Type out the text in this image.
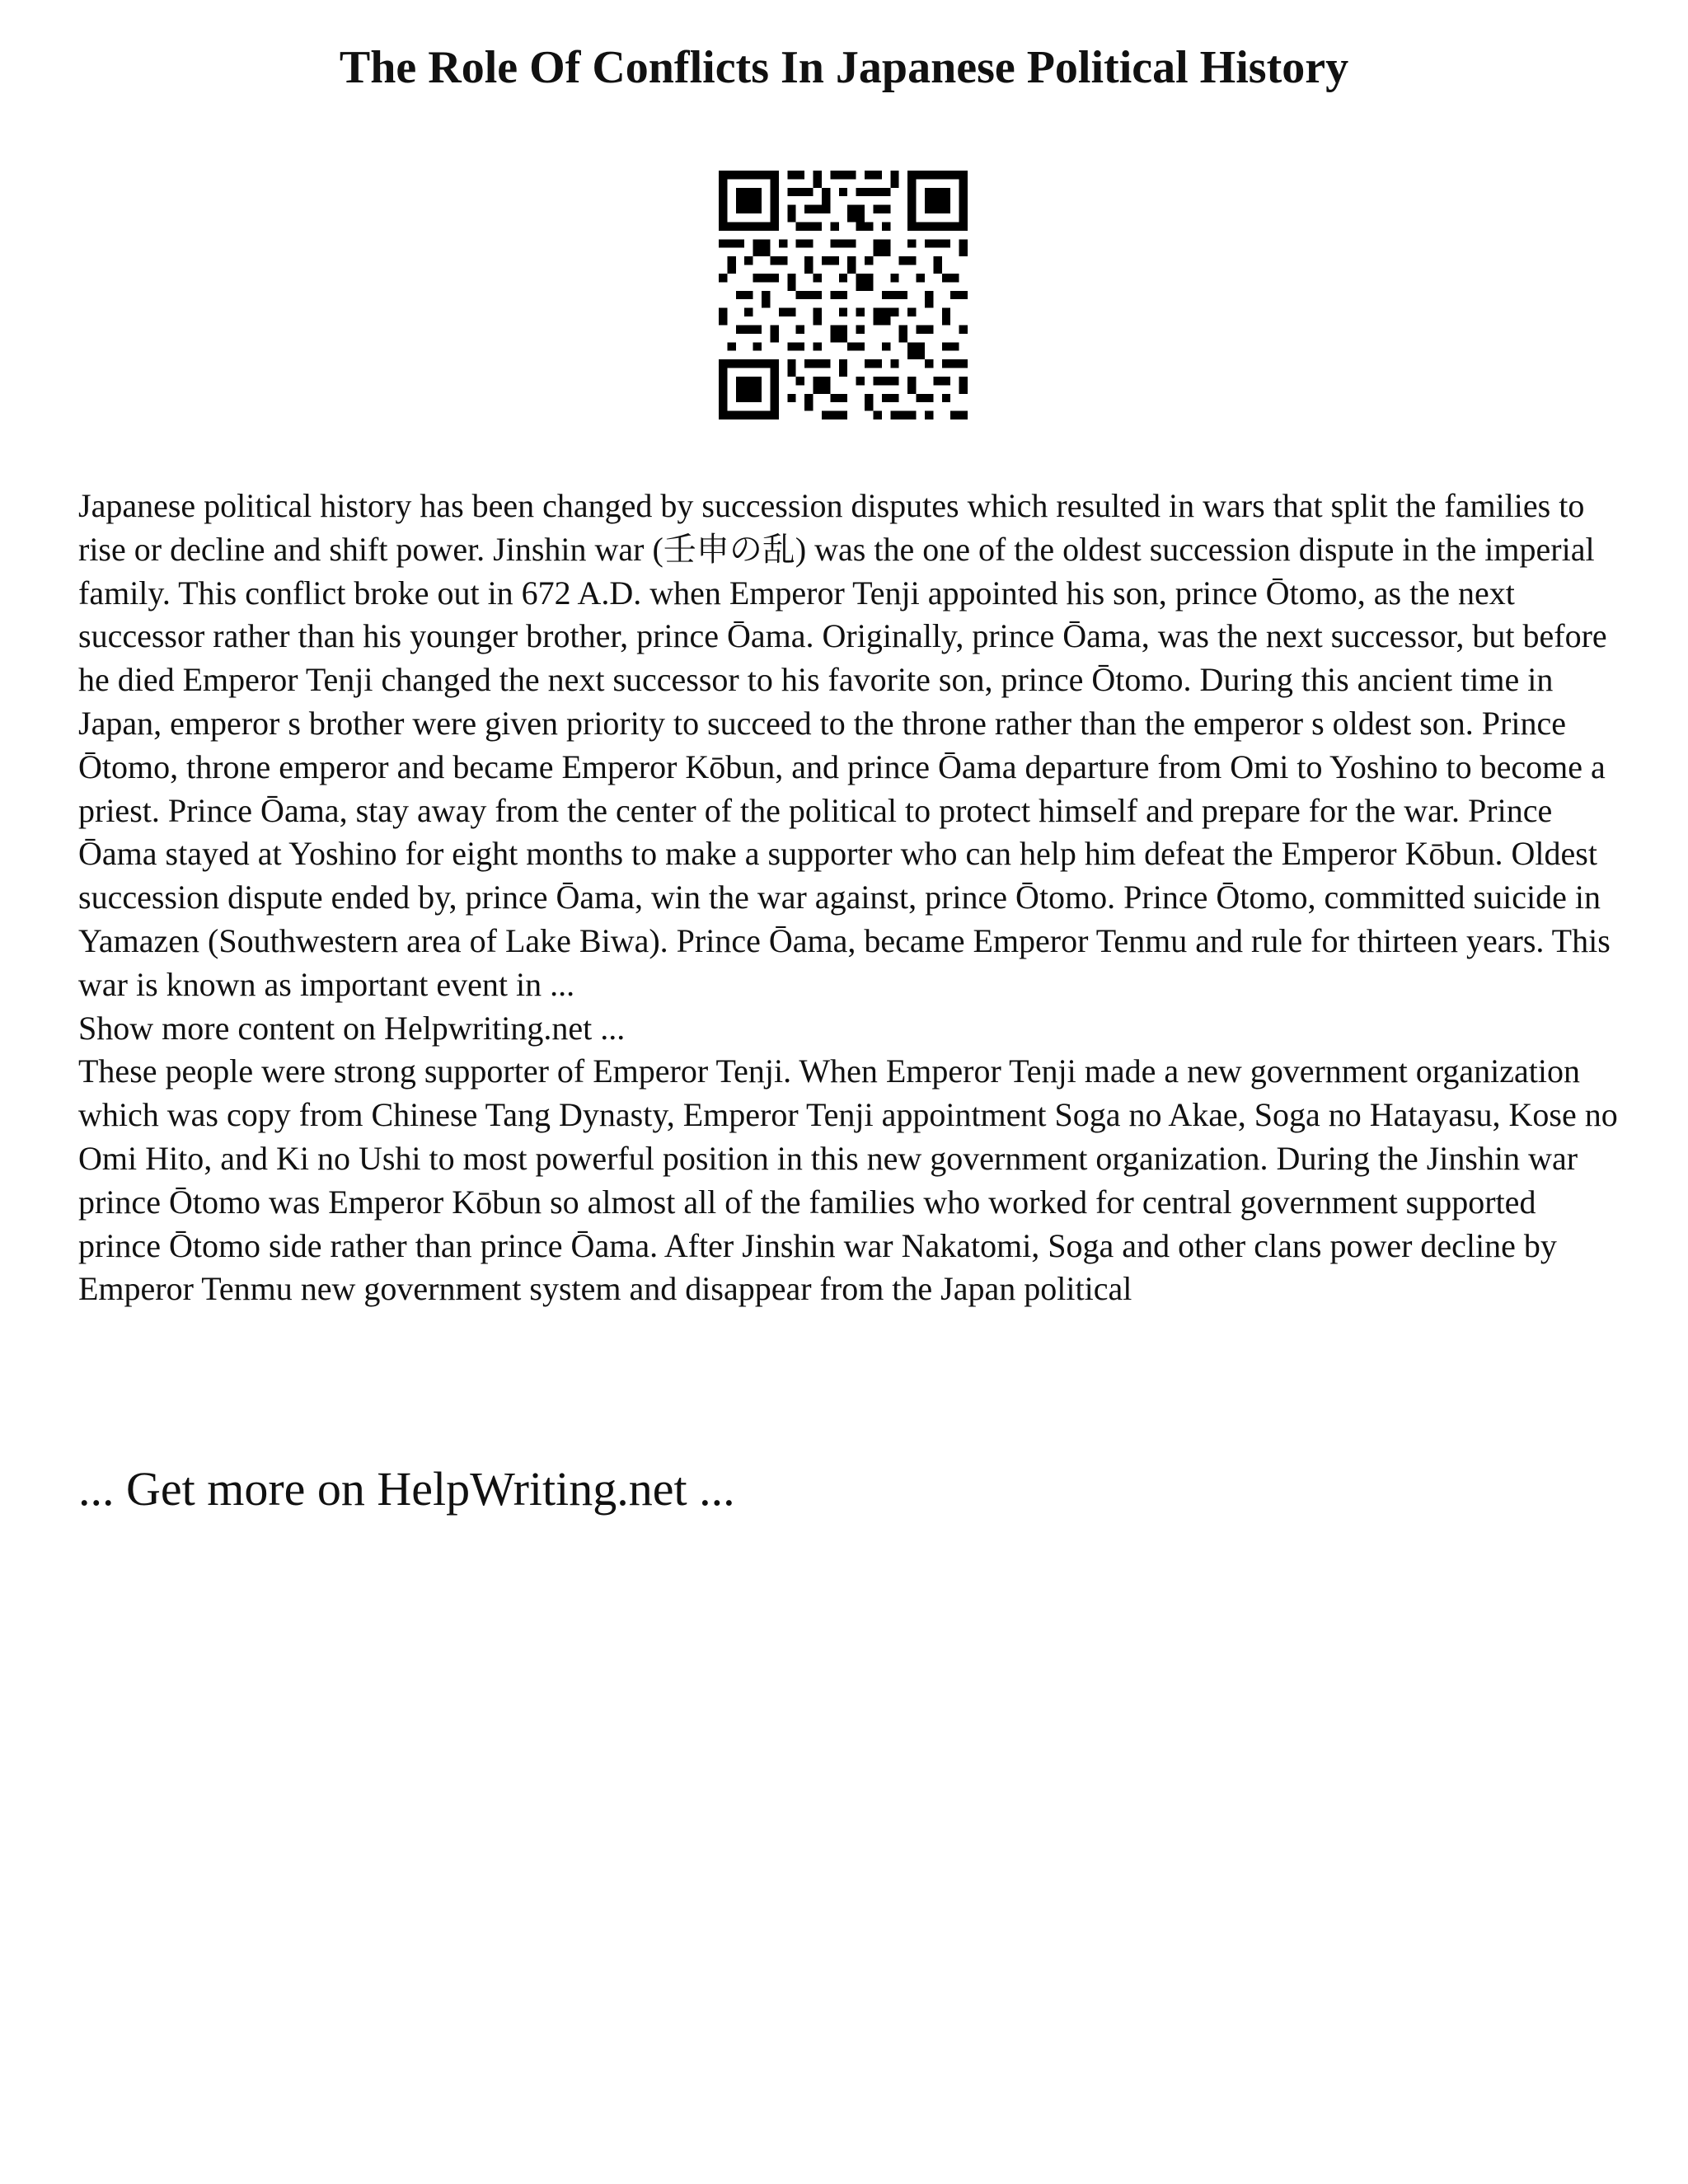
The Role Of Conflicts In Japanese Political History

Japanese political history has been changed by succession disputes which resulted in wars that split the families to rise or decline and shift power. Jinshin war (壬申の乱) was the one of the oldest succession dispute in the imperial family. This conflict broke out in 672 A.D. when Emperor Tenji appointed his son, prince Ōtomo, as the next successor rather than his younger brother, prince Ōama. Originally, prince Ōama, was the next successor, but before he died Emperor Tenji changed the next successor to his favorite son, prince Ōtomo. During this ancient time in Japan, emperor s brother were given priority to succeed to the throne rather than the emperor s oldest son. Prince Ōtomo, throne emperor and became Emperor Kōbun, and prince Ōama departure from Omi to Yoshino to become a priest. Prince Ōama, stay away from the center of the political to protect himself and prepare for the war. Prince Ōama stayed at Yoshino for eight months to make a supporter who can help him defeat the Emperor Kōbun. Oldest succession dispute ended by, prince Ōama, win the war against, prince Ōtomo. Prince Ōtomo, committed suicide in Yamazen (Southwestern area of Lake Biwa). Prince Ōama, became Emperor Tenmu and rule for thirteen years. This war is known as important event in ...

Show more content on Helpwriting.net ...

These people were strong supporter of Emperor Tenji. When Emperor Tenji made a new government organization which was copy from Chinese Tang Dynasty, Emperor Tenji appointment Soga no Akae, Soga no Hatayasu, Kose no Omi Hito, and Ki no Ushi to most powerful position in this new government organization. During the Jinshin war prince Ōtomo was Emperor Kōbun so almost all of the families who worked for central government supported prince Ōtomo side rather than prince Ōama. After Jinshin war Nakatomi, Soga and other clans power decline by Emperor Tenmu new government system and disappear from the Japan political

... Get more on HelpWriting.net ...
